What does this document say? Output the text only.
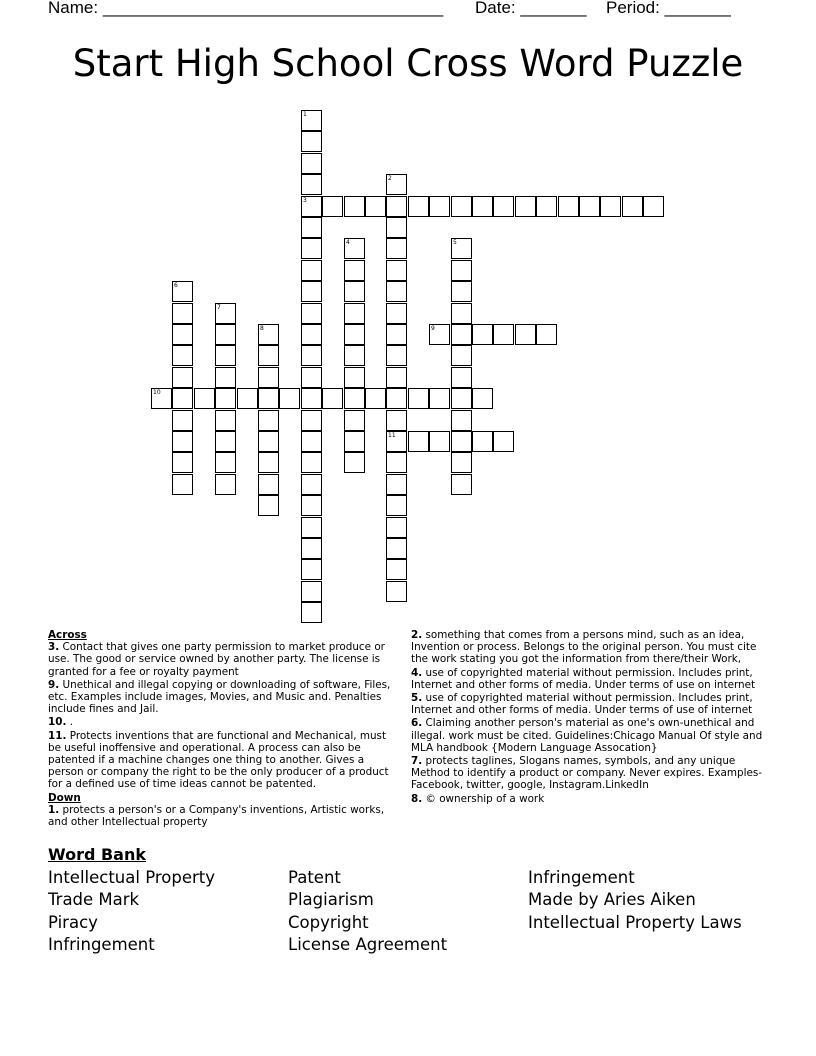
Name: ____________________________________ Date: _______ Period: _______
Start High School Cross Word Puzzle
1
3
2
11
4	5
6
7
8	9
10
Across
3. Contact that gives one party permission to market produce or use. The good or service owned by another party. The license is granted for a fee or royalty payment
9. Unethical and illegal copying or downloading of software, Files, etc. Examples include images, Movies, and Music and. Penalties include fines and Jail.
10. .
11. Protects inventions that are functional and Mechanical, must be useful inoffensive and operational. A process can also be patented if a machine changes one thing to another. Gives a person or company the right to be the only producer of a product for a defined use of time ideas cannot be patented.
Down
1. protects a person's or a Company's inventions, Artistic works, and other Intellectual property
2. something that comes from a persons mind, such as an idea, Invention or process. Belongs to the original person. You must cite the work stating you got the information from there/their Work,
4. use of copyrighted material without permission. Includes print, Internet and other forms of media. Under terms of use on internet
5. use of copyrighted material without permission. Includes print, Internet and other forms of media. Under terms of use of internet
6. Claiming another person's material as one's own-unethical and illegal. work must be cited. Guidelines:Chicago Manual Of style and MLA handbook {Modern Language Assocation}
7. protects taglines, Slogans names, symbols, and any unique Method to identify a product or company. Never expires. Examples- Facebook, twitter, google, Instagram.LinkedIn
8. © ownership of a work
Word Bank
Intellectual Property	Patent	Infringement
Trade Mark	Plagiarism	Made by Aries Aiken
Piracy	Copyright	Intellectual Property Laws
Infringement	License Agreement
